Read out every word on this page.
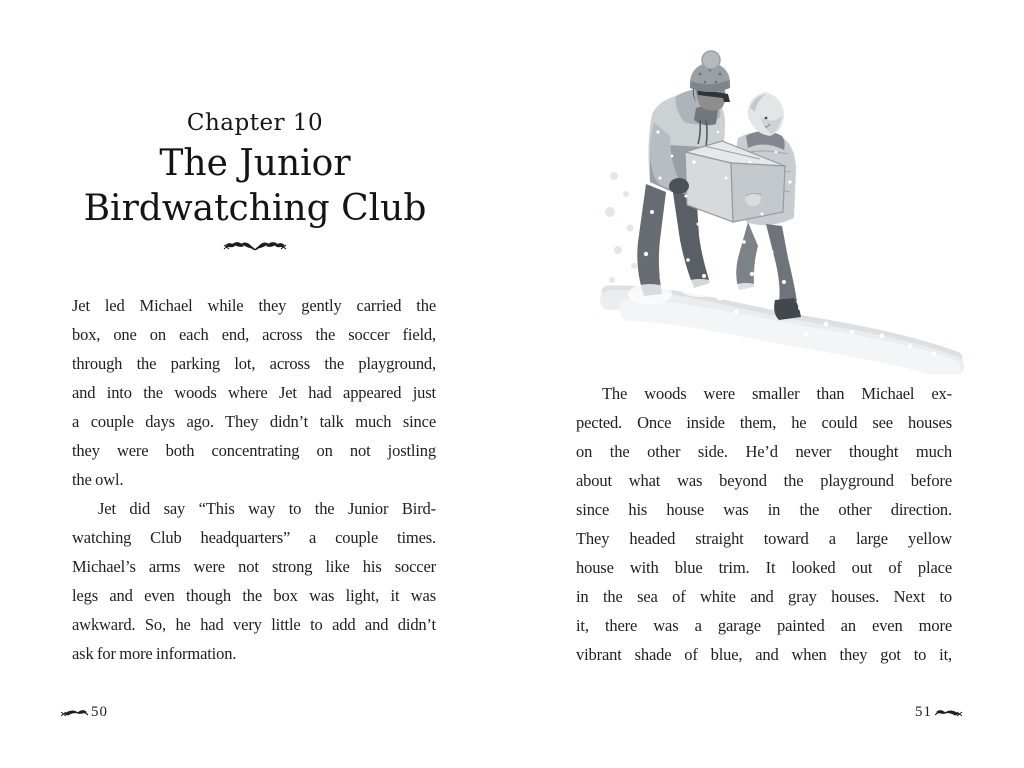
Chapter 10
The Junior
Birdwatching Club
Jet led Michael while they gently carried the
box, one on each end, across the soccer field,
through the parking lot, across the playground,
and into the woods where Jet had appeared just
a couple days ago. They didn’t talk much since
they were both concentrating on not jostling
the owl.
Jet did say “This way to the Junior Bird-
watching Club headquarters” a couple times.
Michael’s arms were not strong like his soccer
legs and even though the box was light, it was
awkward. So, he had very little to add and didn’t
ask for more information.
50
The woods were smaller than Michael ex-
pected. Once inside them, he could see houses
on the other side. He’d never thought much
about what was beyond the playground before
since his house was in the other direction.
They headed straight toward a large yellow
house with blue trim. It looked out of place
in the sea of white and gray houses. Next to
it, there was a garage painted an even more
vibrant shade of blue, and when they got to it,
51
